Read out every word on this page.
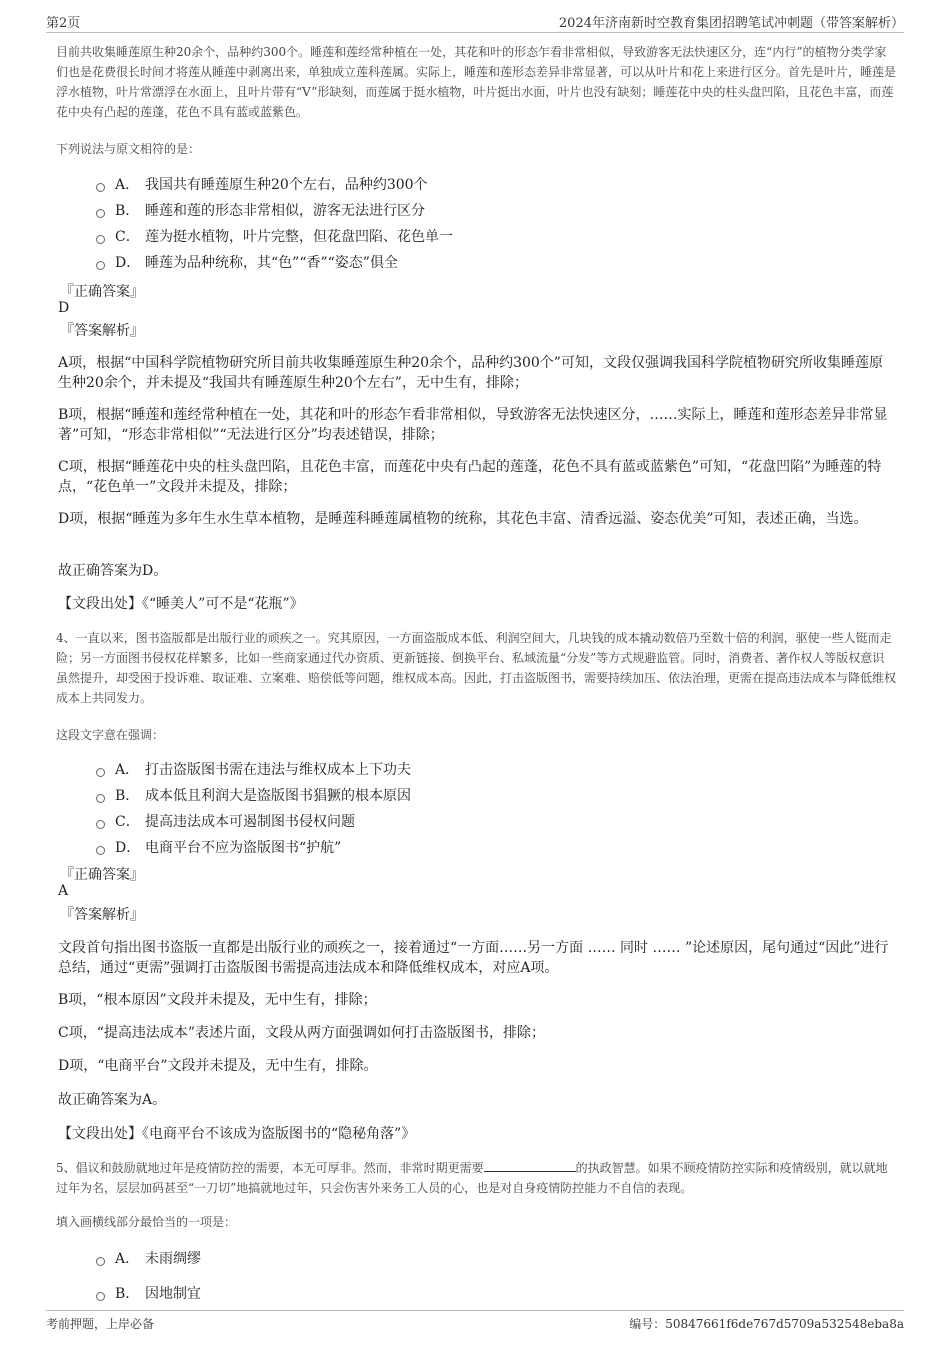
第2页	2024年济南新时空教育集团招聘笔试冲刺题（带答案解析）
目前共收集睡莲原生种20余个，品种约300个。睡莲和莲经常种植在一处，其花和叶的形态乍看非常相似，导致游客无法快速区分，连“内行”的植物分类学家们也是花费很长时间才将莲从睡莲中剥离出来，单独成立莲科莲属。实际上，睡莲和莲形态差异非常显著，可以从叶片和花上来进行区分。首先是叶片，睡莲是浮水植物，叶片常漂浮在水面上，且叶片带有“V”形缺刻，而莲属于挺水植物，叶片挺出水面，叶片也没有缺刻；睡莲花中央的柱头盘凹陷，且花色丰富，而莲花中央有凸起的莲蓬，花色不具有蓝或蓝紫色。
下列说法与原文相符的是：
A． 我国共有睡莲原生种20个左右，品种约300个
B． 睡莲和莲的形态非常相似，游客无法进行区分
C． 莲为挺水植物，叶片完整，但花盘凹陷、花色单一
D． 睡莲为品种统称，其“色”“香”“姿态”俱全
『正确答案』
D
『答案解析』
A项，根据“中国科学院植物研究所目前共收集睡莲原生种20余个，品种约300个”可知，文段仅强调我国科学院植物研究所收集睡莲原生种20余个，并未提及“我国共有睡莲原生种20个左右”，无中生有，排除；
B项，根据“睡莲和莲经常种植在一处，其花和叶的形态乍看非常相似，导致游客无法快速区分，……实际上，睡莲和莲形态差异非常显著”可知，“形态非常相似”“无法进行区分”均表述错误，排除；
C项，根据“睡莲花中央的柱头盘凹陷，且花色丰富，而莲花中央有凸起的莲蓬，花色不具有蓝或蓝紫色”可知，“花盘凹陷”为睡莲的特点，“花色单一”文段并未提及，排除；
D项，根据“睡莲为多年生水生草本植物，是睡莲科睡莲属植物的统称，其花色丰富、清香远溢、姿态优美”可知，表述正确，当选。
故正确答案为D。
【文段出处】《“睡美人”可不是“花瓶”》
4、一直以来，图书盗版都是出版行业的顽疾之一。究其原因，一方面盗版成本低、利润空间大，几块钱的成本撬动数倍乃至数十倍的利润，驱使一些人铤而走险；另一方面图书侵权花样繁多，比如一些商家通过代办资质、更新链接、倒换平台、私域流量“分发”等方式规避监管。同时，消费者、著作权人等版权意识虽然提升，却受困于投诉难、取证难、立案难、赔偿低等问题，维权成本高。因此，打击盗版图书，需要持续加压、依法治理，更需在提高违法成本与降低维权成本上共同发力。
这段文字意在强调：
A． 打击盗版图书需在违法与维权成本上下功夫
B． 成本低且利润大是盗版图书猖獗的根本原因
C． 提高违法成本可遏制图书侵权问题
D． 电商平台不应为盗版图书“护航”
『正确答案』
A
『答案解析』
文段首句指出图书盗版一直都是出版行业的顽疾之一，接着通过“一方面……另一方面 …… 同时 …… ”论述原因，尾句通过“因此”进行总结，通过“更需”强调打击盗版图书需提高违法成本和降低维权成本，对应A项。
B项，“根本原因”文段并未提及，无中生有，排除；
C项，“提高违法成本”表述片面，文段从两方面强调如何打击盗版图书，排除；
D项，“电商平台”文段并未提及，无中生有，排除。
故正确答案为A。
【文段出处】《电商平台不该成为盗版图书的“隐秘角落”》
5、倡议和鼓励就地过年是疫情防控的需要，本无可厚非。然而，非常时期更需要	的执政智慧。如果不顾疫情防控实际和疫情级别，就以就地过年为名，层层加码甚至“一刀切”地搞就地过年，只会伤害外来务工人员的心，也是对自身疫情防控能力不自信的表现。
填入画横线部分最恰当的一项是：
A． 未雨绸缪
B． 因地制宜
考前押题，上岸必备	编号：50847661f6de767d5709a532548eba8a
